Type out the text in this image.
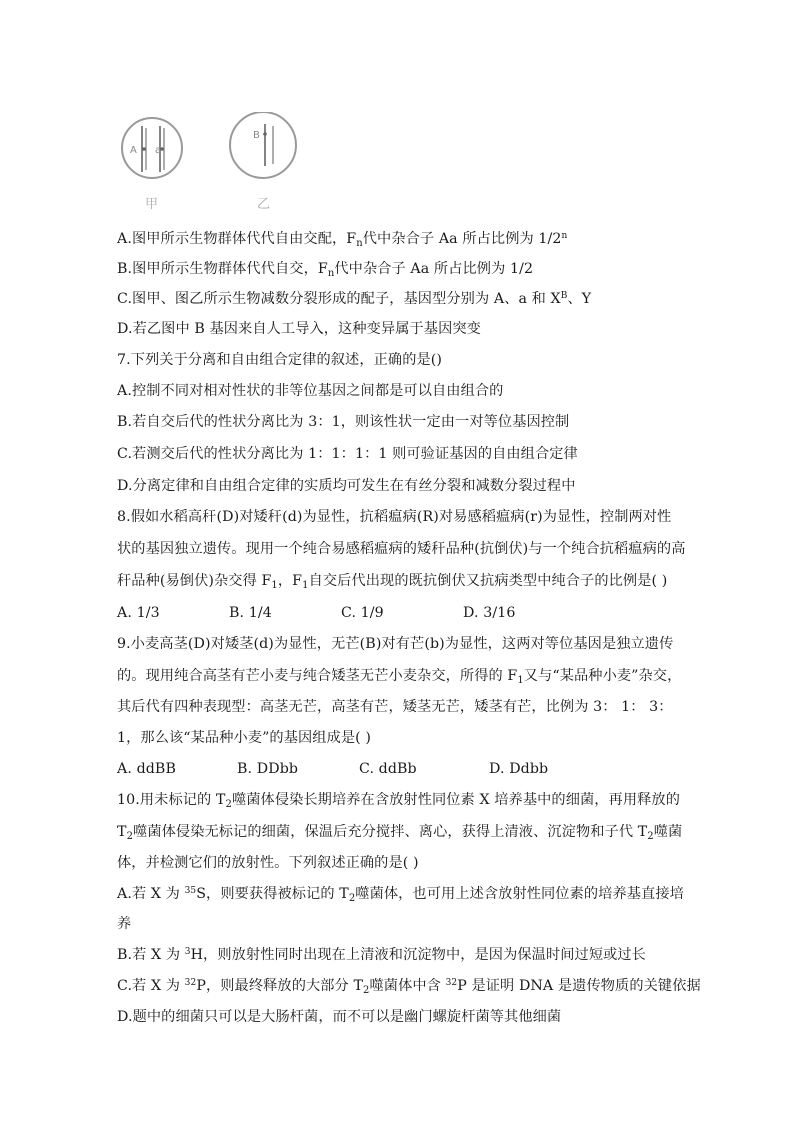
A a
甲
B
乙
A.图甲所示生物群体代代自由交配，$F_n$代中杂合子 Aa 所占比例为 1/2$^n$
B.图甲所示生物群体代代自交，$F_n$代中杂合子 Aa 所占比例为 1/2
C.图甲、图乙所示生物减数分裂形成的配子，基因型分别为 A、a 和 $X^B$、Y
D.若乙图中 B 基因来自人工导入，这种变异属于基因突变
7.下列关于分离和自由组合定律的叙述，正确的是()
A.控制不同对相对性状的非等位基因之间都是可以自由组合的
B.若自交后代的性状分离比为 3：1，则该性状一定由一对等位基因控制
C.若测交后代的性状分离比为 1：1：1：1 则可验证基因的自由组合定律
D.分离定律和自由组合定律的实质均可发生在有丝分裂和减数分裂过程中
8.假如水稻高秆(D)对矮秆(d)为显性，抗稻瘟病(R)对易感稻瘟病(r)为显性，控制两对性
状的基因独立遗传。现用一个纯合易感稻瘟病的矮秆品种(抗倒伏)与一个纯合抗稻瘟病的高
秆品种(易倒伏)杂交得 $F_1$，$F_1$自交后代出现的既抗倒伏又抗病类型中纯合子的比例是( )
A. 1/3	B. 1/4	C. 1/9	D. 3/16
9.小麦高茎(D)对矮茎(d)为显性，无芒(B)对有芒(b)为显性，这两对等位基因是独立遗传
的。现用纯合高茎有芒小麦与纯合矮茎无芒小麦杂交，所得的 $F_1$又与“某品种小麦”杂交，
其后代有四种表现型：高茎无芒，高茎有芒，矮茎无芒，矮茎有芒，比例为 3： 1： 3：
1，那么该“某品种小麦”的基因组成是( )
A. ddBB	B. DDbb	C. ddBb	D. Ddbb
10.用未标记的 $T_2$噬菌体侵染长期培养在含放射性同位素 X 培养基中的细菌，再用释放的
$T_2$噬菌体侵染无标记的细菌，保温后充分搅拌、离心，获得上清液、沉淀物和子代 $T_2$噬菌
体，并检测它们的放射性。下列叙述正确的是( )
A.若 X 为 $^{35}$S，则要获得被标记的 $T_2$噬菌体，也可用上述含放射性同位素的培养基直接培
养
B.若 X 为 $^3$H，则放射性同时出现在上清液和沉淀物中，是因为保温时间过短或过长
C.若 X 为 $^{32}$P，则最终释放的大部分 $T_2$噬菌体中含 $^{32}$P 是证明 DNA 是遗传物质的关键依据
D.题中的细菌只可以是大肠杆菌，而不可以是幽门螺旋杆菌等其他细菌
